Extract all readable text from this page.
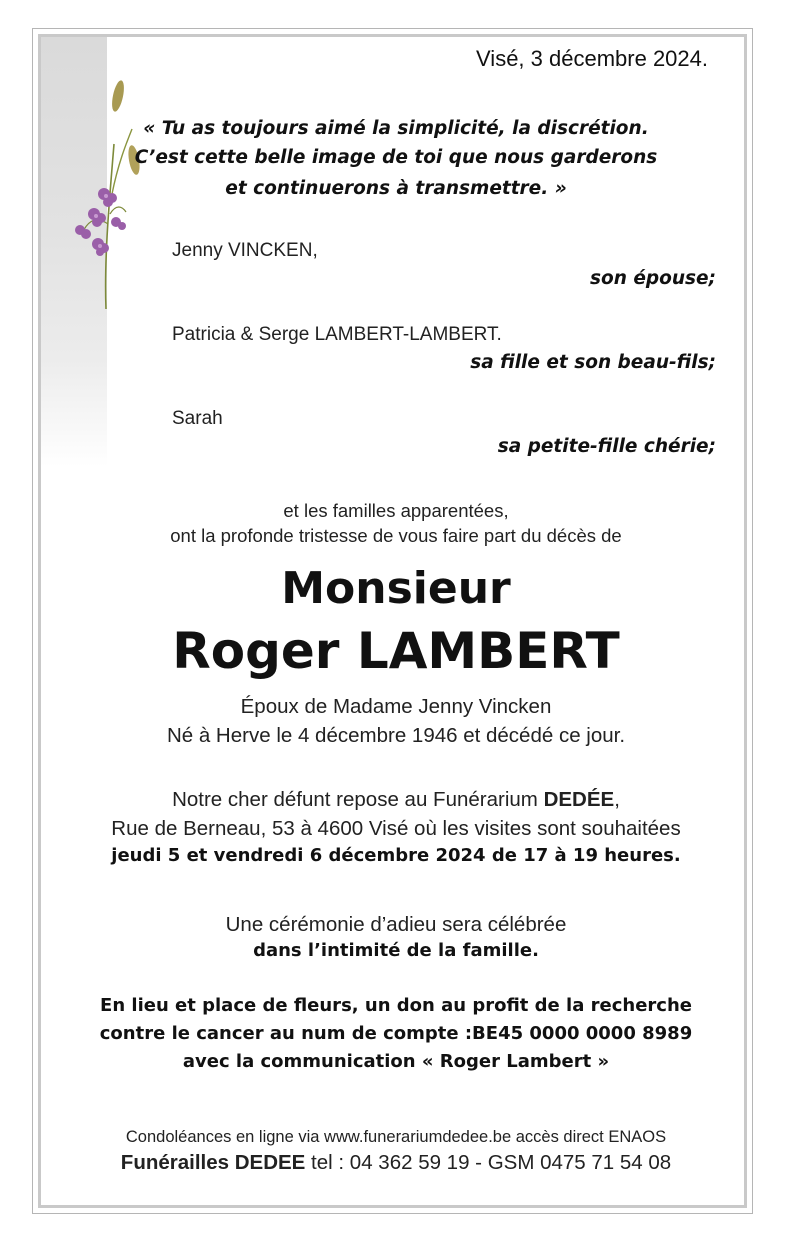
Visé, 3 décembre 2024.
« Tu as toujours aimé la simplicité, la discrétion.
C’est cette belle image de toi que nous garderons
et continuerons à transmettre. »
Jenny VINCKEN,
son épouse;
Patricia & Serge LAMBERT-LAMBERT.
sa fille et son beau-fils;
Sarah
sa petite-fille chérie;
et les familles apparentées,
ont la profonde tristesse de vous faire part du décès de
Monsieur
Roger LAMBERT
Époux de Madame Jenny Vincken
Né à Herve le 4 décembre 1946 et décédé ce jour.
Notre cher défunt repose au Funérarium DEDÉE,
Rue de Berneau, 53 à 4600 Visé où les visites sont souhaitées
jeudi 5 et vendredi 6 décembre 2024 de 17 à 19 heures.
Une cérémonie d’adieu sera célébrée
dans l’intimité de la famille.
En lieu et place de fleurs, un don au profit de la recherche
contre le cancer au num de compte :BE45 0000 0000 8989
avec la communication « Roger Lambert »
Condoléances en ligne via www.funerariumdedee.be accès direct ENAOS
Funérailles DEDEE tel : 04 362 59 19 - GSM 0475 71 54 08
